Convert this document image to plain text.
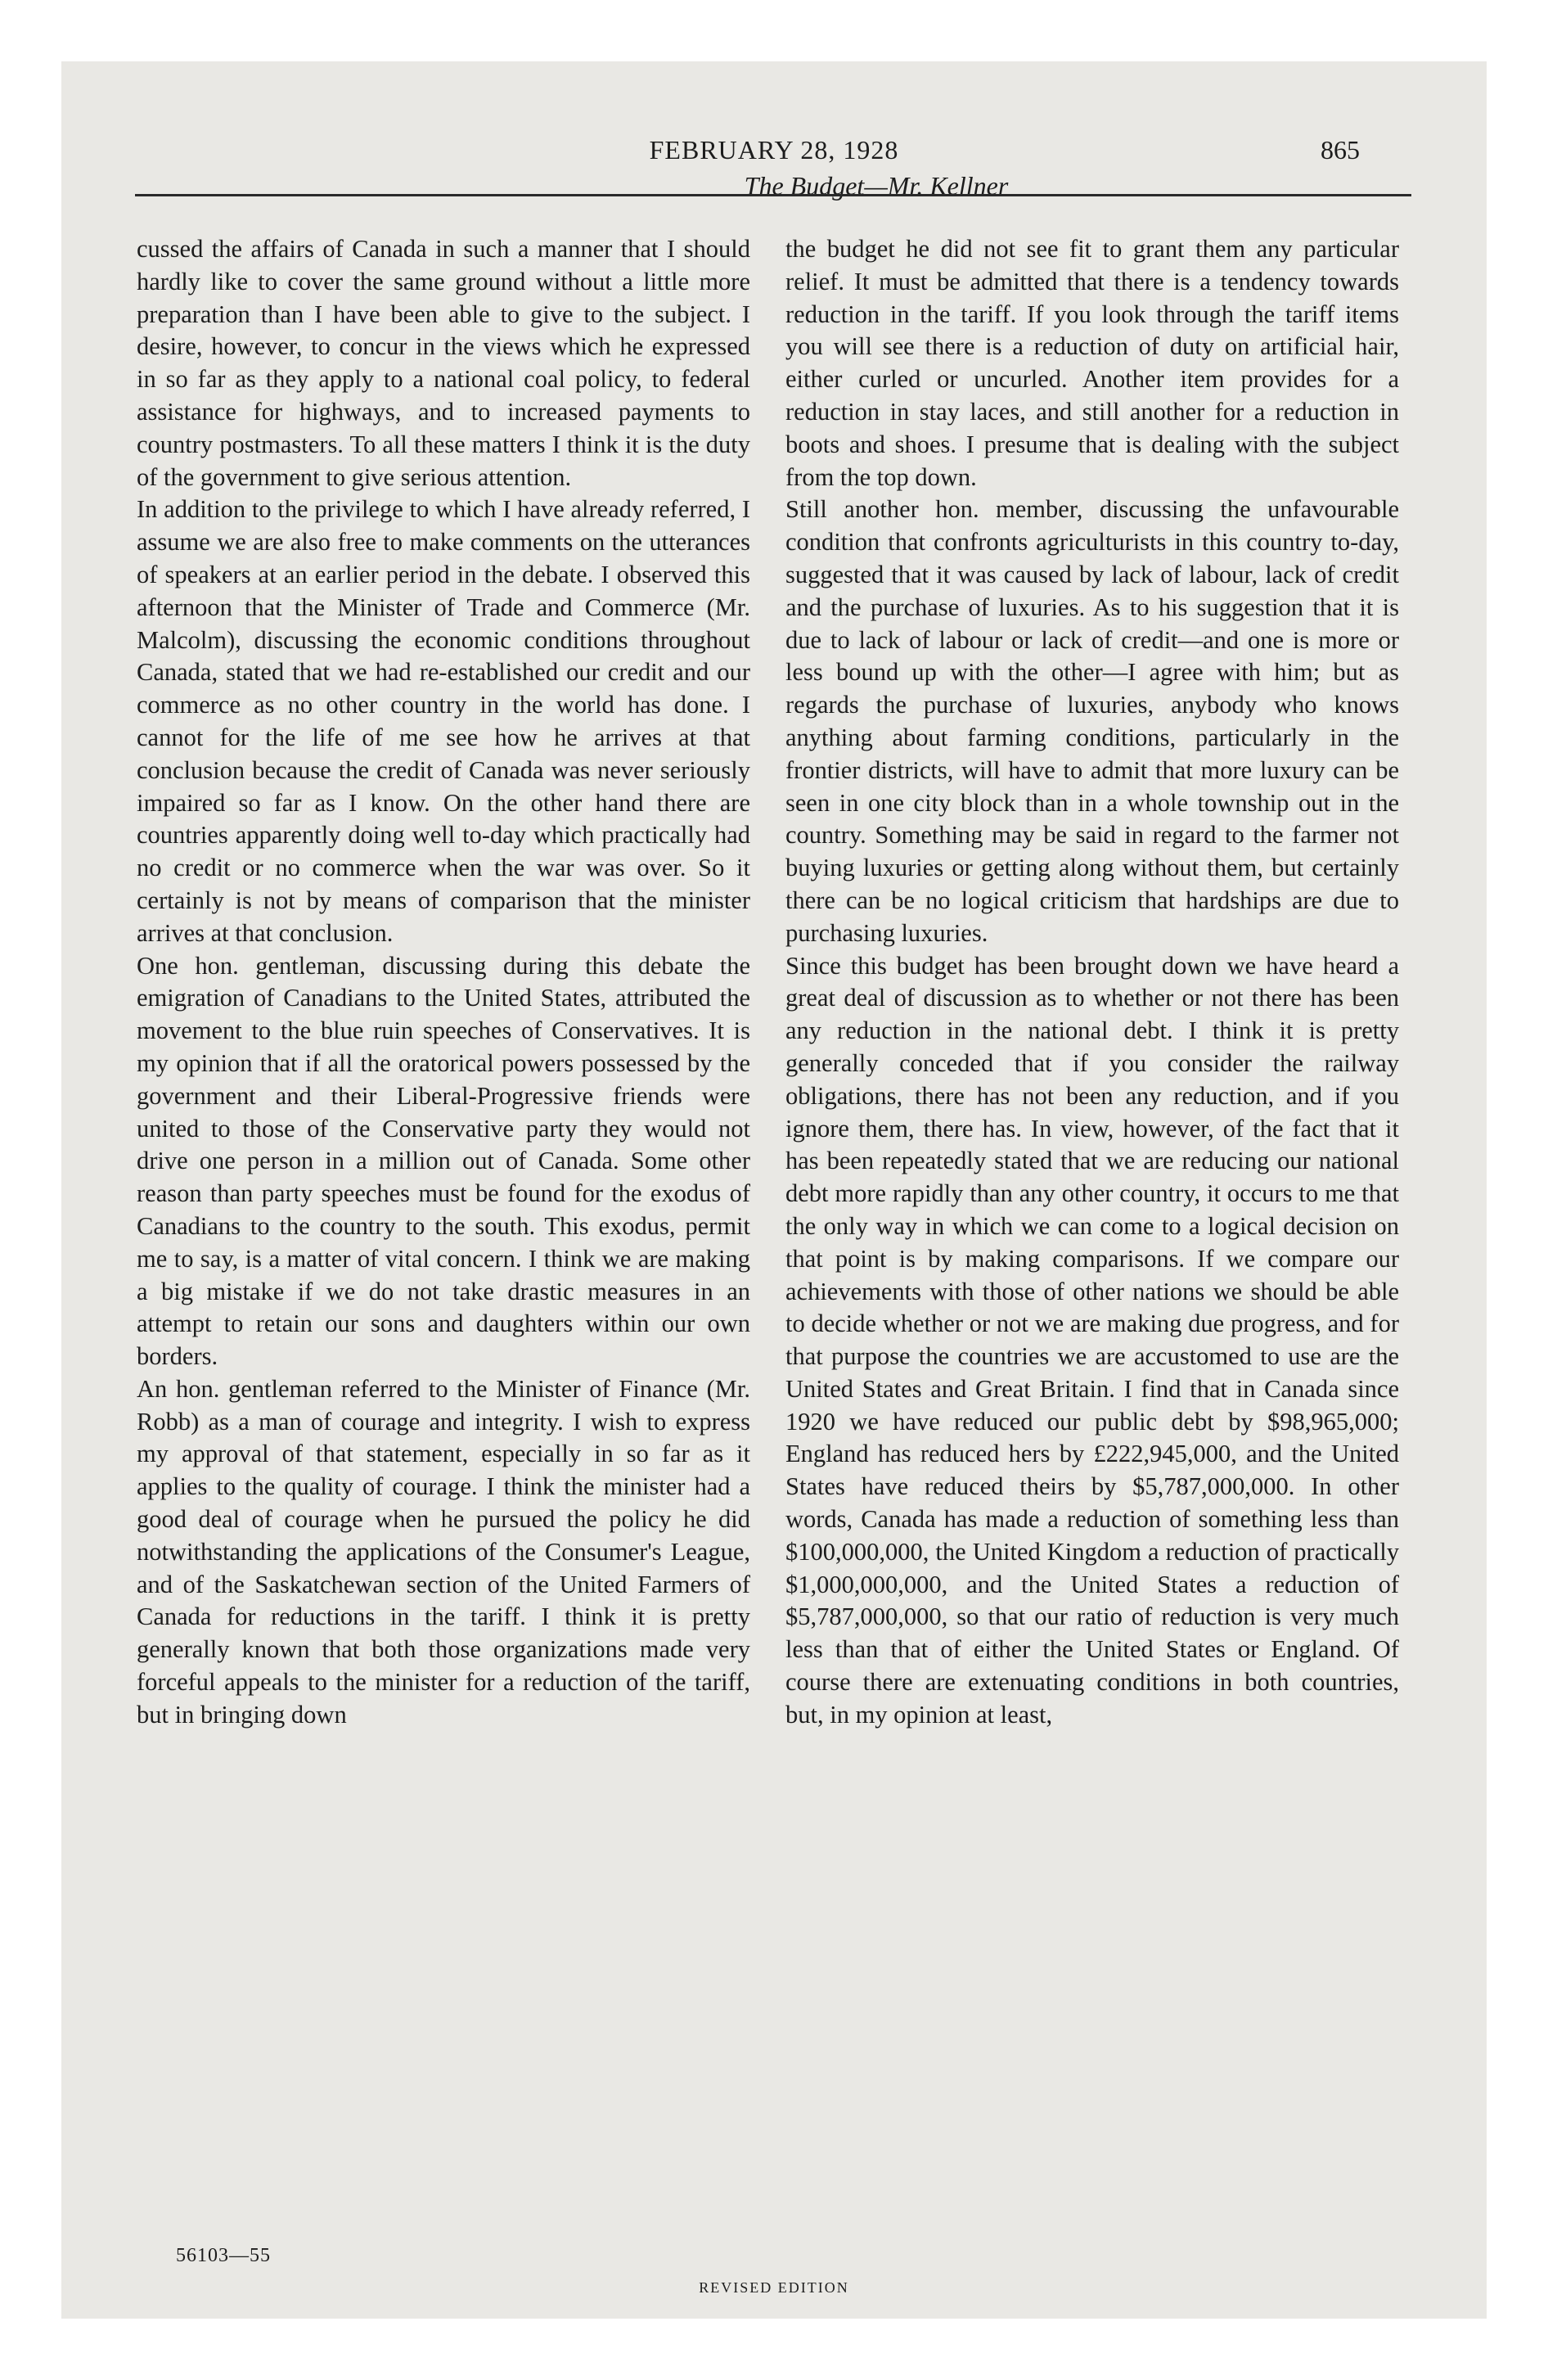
FEBRUARY 28, 1928	865
The Budget—Mr. Kellner

cussed the affairs of Canada in such a manner that I should hardly like to cover the same ground without a little more preparation than I have been able to give to the subject. I desire, however, to concur in the views which he expressed in so far as they apply to a national coal policy, to federal assistance for highways, and to increased payments to country postmasters. To all these matters I think it is the duty of the government to give serious attention.

In addition to the privilege to which I have already referred, I assume we are also free to make comments on the utterances of speakers at an earlier period in the debate. I observed this afternoon that the Minister of Trade and Commerce (Mr. Malcolm), discussing the economic conditions throughout Canada, stated that we had re-established our credit and our commerce as no other country in the world has done. I cannot for the life of me see how he arrives at that conclusion because the credit of Canada was never seriously impaired so far as I know. On the other hand there are countries apparently doing well to-day which practically had no credit or no commerce when the war was over. So it certainly is not by means of comparison that the minister arrives at that conclusion.

One hon. gentleman, discussing during this debate the emigration of Canadians to the United States, attributed the movement to the blue ruin speeches of Conservatives. It is my opinion that if all the oratorical powers possessed by the government and their Liberal-Progressive friends were united to those of the Conservative party they would not drive one person in a million out of Canada. Some other reason than party speeches must be found for the exodus of Canadians to the country to the south. This exodus, permit me to say, is a matter of vital concern. I think we are making a big mistake if we do not take drastic measures in an attempt to retain our sons and daughters within our own borders.

An hon. gentleman referred to the Minister of Finance (Mr. Robb) as a man of courage and integrity. I wish to express my approval of that statement, especially in so far as it applies to the quality of courage. I think the minister had a good deal of courage when he pursued the policy he did notwithstanding the applications of the Consumer's League, and of the Saskatchewan section of the United Farmers of Canada for reductions in the tariff. I think it is pretty generally known that both those organizations made very forceful appeals to the minister for a reduction of the tariff, but in bringing down

the budget he did not see fit to grant them any particular relief. It must be admitted that there is a tendency towards reduction in the tariff. If you look through the tariff items you will see there is a reduction of duty on artificial hair, either curled or uncurled. Another item provides for a reduction in stay laces, and still another for a reduction in boots and shoes. I presume that is dealing with the subject from the top down.

Still another hon. member, discussing the unfavourable condition that confronts agriculturists in this country to-day, suggested that it was caused by lack of labour, lack of credit and the purchase of luxuries. As to his suggestion that it is due to lack of labour or lack of credit—and one is more or less bound up with the other—I agree with him; but as regards the purchase of luxuries, anybody who knows anything about farming conditions, particularly in the frontier districts, will have to admit that more luxury can be seen in one city block than in a whole township out in the country. Something may be said in regard to the farmer not buying luxuries or getting along without them, but certainly there can be no logical criticism that hardships are due to purchasing luxuries.

Since this budget has been brought down we have heard a great deal of discussion as to whether or not there has been any reduction in the national debt. I think it is pretty generally conceded that if you consider the railway obligations, there has not been any reduction, and if you ignore them, there has. In view, however, of the fact that it has been repeatedly stated that we are reducing our national debt more rapidly than any other country, it occurs to me that the only way in which we can come to a logical decision on that point is by making comparisons. If we compare our achievements with those of other nations we should be able to decide whether or not we are making due progress, and for that purpose the countries we are accustomed to use are the United States and Great Britain. I find that in Canada since 1920 we have reduced our public debt by $98,965,000; England has reduced hers by £222,945,000, and the United States have reduced theirs by $5,787,000,000. In other words, Canada has made a reduction of something less than $100,000,000, the United Kingdom a reduction of practically $1,000,000,000, and the United States a reduction of $5,787,000,000, so that our ratio of reduction is very much less than that of either the United States or England. Of course there are extenuating conditions in both countries, but, in my opinion at least,

56103—55
REVISED EDITION
